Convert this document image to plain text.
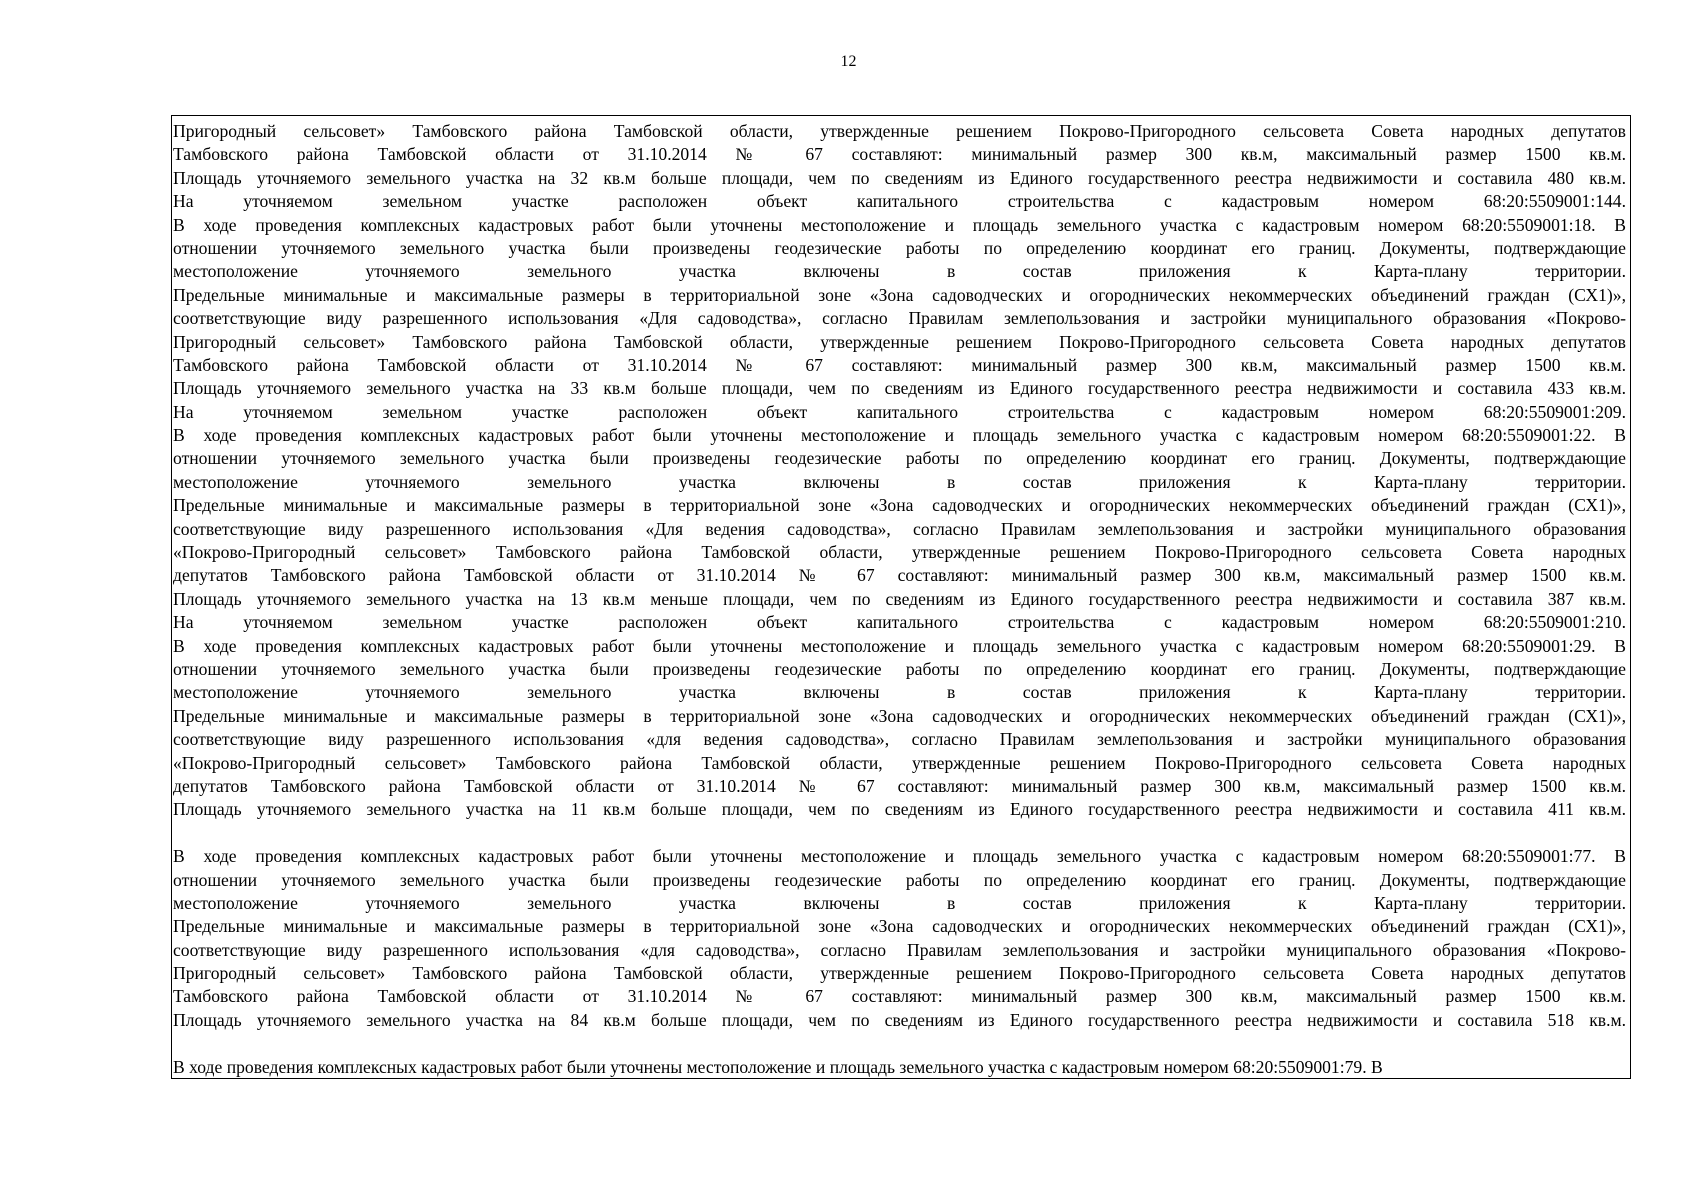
12
Пригородный сельсовет» Тамбовского района Тамбовской области, утвержденные решением Покрово-Пригородного сельсовета Совета народных депутатов
Тамбовского района Тамбовской области от 31.10.2014 № 67 составляют: минимальный размер 300 кв.м, максимальный размер 1500 кв.м.
Площадь уточняемого земельного участка на 32 кв.м больше площади, чем по сведениям из Единого государственного реестра недвижимости и составила 480 кв.м.
На уточняемом земельном участке расположен объект капитального строительства с кадастровым номером 68:20:5509001:144.
В ходе проведения комплексных кадастровых работ были уточнены местоположение и площадь земельного участка с кадастровым номером 68:20:5509001:18. В
отношении уточняемого земельного участка были произведены геодезические работы по определению координат его границ. Документы, подтверждающие
местоположение уточняемого земельного участка включены в состав приложения к Карта-плану территории.
Предельные минимальные и максимальные размеры в территориальной зоне «Зона садоводческих и огороднических некоммерческих объединений граждан (СХ1)»,
соответствующие виду разрешенного использования «Для садоводства», согласно Правилам землепользования и застройки муниципального образования «Покрово-
Пригородный сельсовет» Тамбовского района Тамбовской области, утвержденные решением Покрово-Пригородного сельсовета Совета народных депутатов
Тамбовского района Тамбовской области от 31.10.2014 № 67 составляют: минимальный размер 300 кв.м, максимальный размер 1500 кв.м.
Площадь уточняемого земельного участка на 33 кв.м больше площади, чем по сведениям из Единого государственного реестра недвижимости и составила 433 кв.м.
На уточняемом земельном участке расположен объект капитального строительства с кадастровым номером 68:20:5509001:209.
В ходе проведения комплексных кадастровых работ были уточнены местоположение и площадь земельного участка с кадастровым номером 68:20:5509001:22. В
отношении уточняемого земельного участка были произведены геодезические работы по определению координат его границ. Документы, подтверждающие
местоположение уточняемого земельного участка включены в состав приложения к Карта-плану территории.
Предельные минимальные и максимальные размеры в территориальной зоне «Зона садоводческих и огороднических некоммерческих объединений граждан (СХ1)»,
соответствующие виду разрешенного использования «Для ведения садоводства», согласно Правилам землепользования и застройки муниципального образования
«Покрово-Пригородный сельсовет» Тамбовского района Тамбовской области, утвержденные решением Покрово-Пригородного сельсовета Совета народных
депутатов Тамбовского района Тамбовской области от 31.10.2014 № 67 составляют: минимальный размер 300 кв.м, максимальный размер 1500 кв.м.
Площадь уточняемого земельного участка на 13 кв.м меньше площади, чем по сведениям из Единого государственного реестра недвижимости и составила 387 кв.м.
На уточняемом земельном участке расположен объект капитального строительства с кадастровым номером 68:20:5509001:210.
В ходе проведения комплексных кадастровых работ были уточнены местоположение и площадь земельного участка с кадастровым номером 68:20:5509001:29. В
отношении уточняемого земельного участка были произведены геодезические работы по определению координат его границ. Документы, подтверждающие
местоположение уточняемого земельного участка включены в состав приложения к Карта-плану территории.
Предельные минимальные и максимальные размеры в территориальной зоне «Зона садоводческих и огороднических некоммерческих объединений граждан (СХ1)»,
соответствующие виду разрешенного использования «для ведения садоводства», согласно Правилам землепользования и застройки муниципального образования
«Покрово-Пригородный сельсовет» Тамбовского района Тамбовской области, утвержденные решением Покрово-Пригородного сельсовета Совета народных
депутатов Тамбовского района Тамбовской области от 31.10.2014 № 67 составляют: минимальный размер 300 кв.м, максимальный размер 1500 кв.м.
Площадь уточняемого земельного участка на 11 кв.м больше площади, чем по сведениям из Единого государственного реестра недвижимости и составила 411 кв.м.
В ходе проведения комплексных кадастровых работ были уточнены местоположение и площадь земельного участка с кадастровым номером 68:20:5509001:77. В
отношении уточняемого земельного участка были произведены геодезические работы по определению координат его границ. Документы, подтверждающие
местоположение уточняемого земельного участка включены в состав приложения к Карта-плану территории.
Предельные минимальные и максимальные размеры в территориальной зоне «Зона садоводческих и огороднических некоммерческих объединений граждан (СХ1)»,
соответствующие виду разрешенного использования «для садоводства», согласно Правилам землепользования и застройки муниципального образования «Покрово-
Пригородный сельсовет» Тамбовского района Тамбовской области, утвержденные решением Покрово-Пригородного сельсовета Совета народных депутатов
Тамбовского района Тамбовской области от 31.10.2014 № 67 составляют: минимальный размер 300 кв.м, максимальный размер 1500 кв.м.
Площадь уточняемого земельного участка на 84 кв.м больше площади, чем по сведениям из Единого государственного реестра недвижимости и составила 518 кв.м.
В ходе проведения комплексных кадастровых работ были уточнены местоположение и площадь земельного участка с кадастровым номером 68:20:5509001:79. В
